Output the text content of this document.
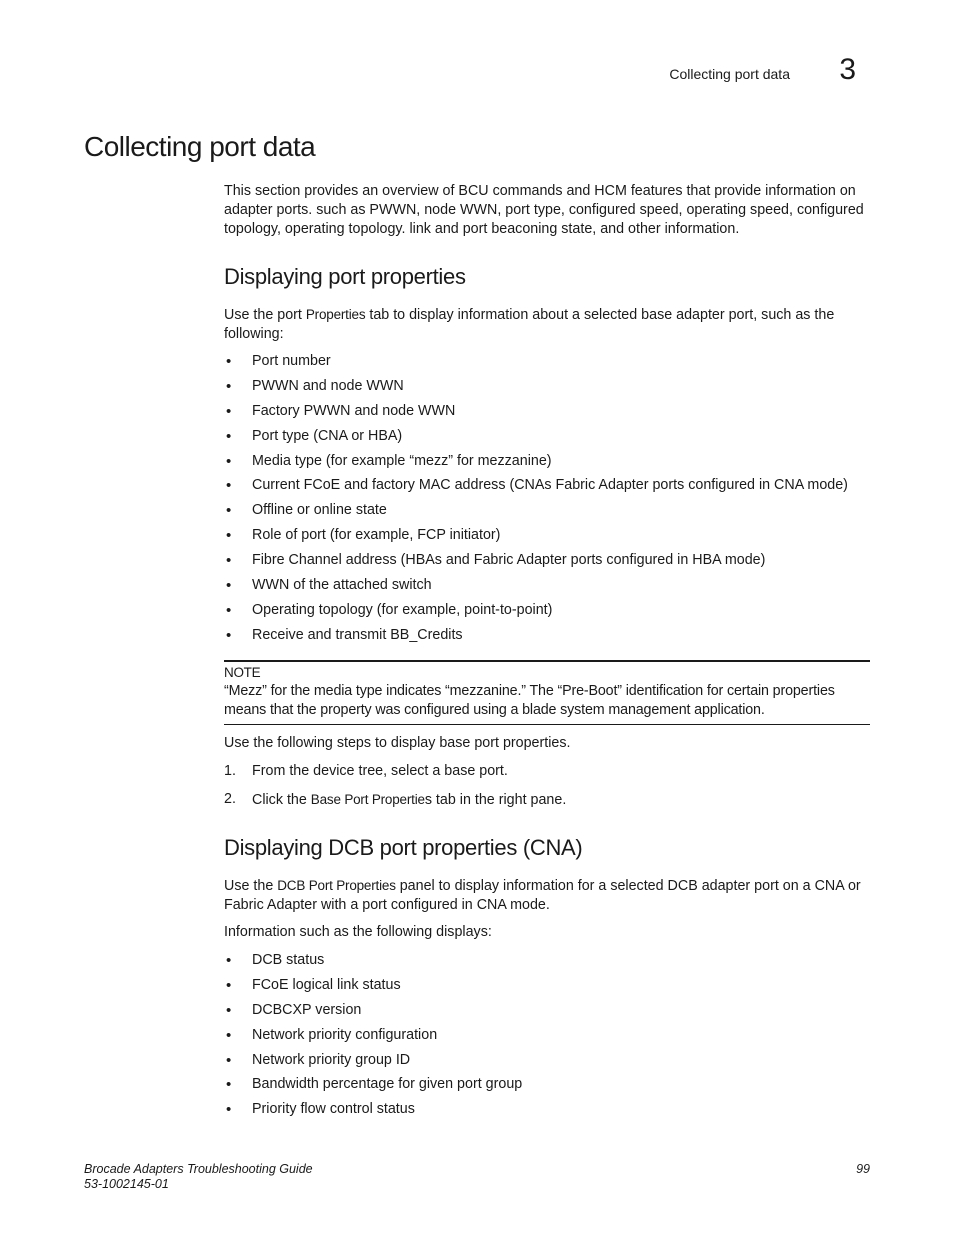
Collecting port data 3
Collecting port data

This section provides an overview of BCU commands and HCM features that provide information on adapter ports. such as PWWN, node WWN, port type, configured speed, operating speed, configured topology, operating topology. link and port beaconing state, and other information.

Displaying port properties

Use the port Properties tab to display information about a selected base adapter port, such as the following:

• Port number
• PWWN and node WWN
• Factory PWWN and node WWN
• Port type (CNA or HBA)
• Media type (for example “mezz” for mezzanine)
• Current FCoE and factory MAC address (CNAs Fabric Adapter ports configured in CNA mode)
• Offline or online state
• Role of port (for example, FCP initiator)
• Fibre Channel address (HBAs and Fabric Adapter ports configured in HBA mode)
• WWN of the attached switch
• Operating topology (for example, point-to-point)
• Receive and transmit BB_Credits
NOTE
“Mezz” for the media type indicates “mezzanine.” The “Pre-Boot” identification for certain properties means that the property was configured using a blade system management application.

Use the following steps to display base port properties.

1. From the device tree, select a base port.
2. Click the Base Port Properties tab in the right pane.
Displaying DCB port properties (CNA)

Use the DCB Port Properties panel to display information for a selected DCB adapter port on a CNA or Fabric Adapter with a port configured in CNA mode.

Information such as the following displays:

• DCB status
• FCoE logical link status
• DCBCXP version
• Network priority configuration
• Network priority group ID
• Bandwidth percentage for given port group
• Priority flow control status
Brocade Adapters Troubleshooting Guide
53-1002145-01
99
